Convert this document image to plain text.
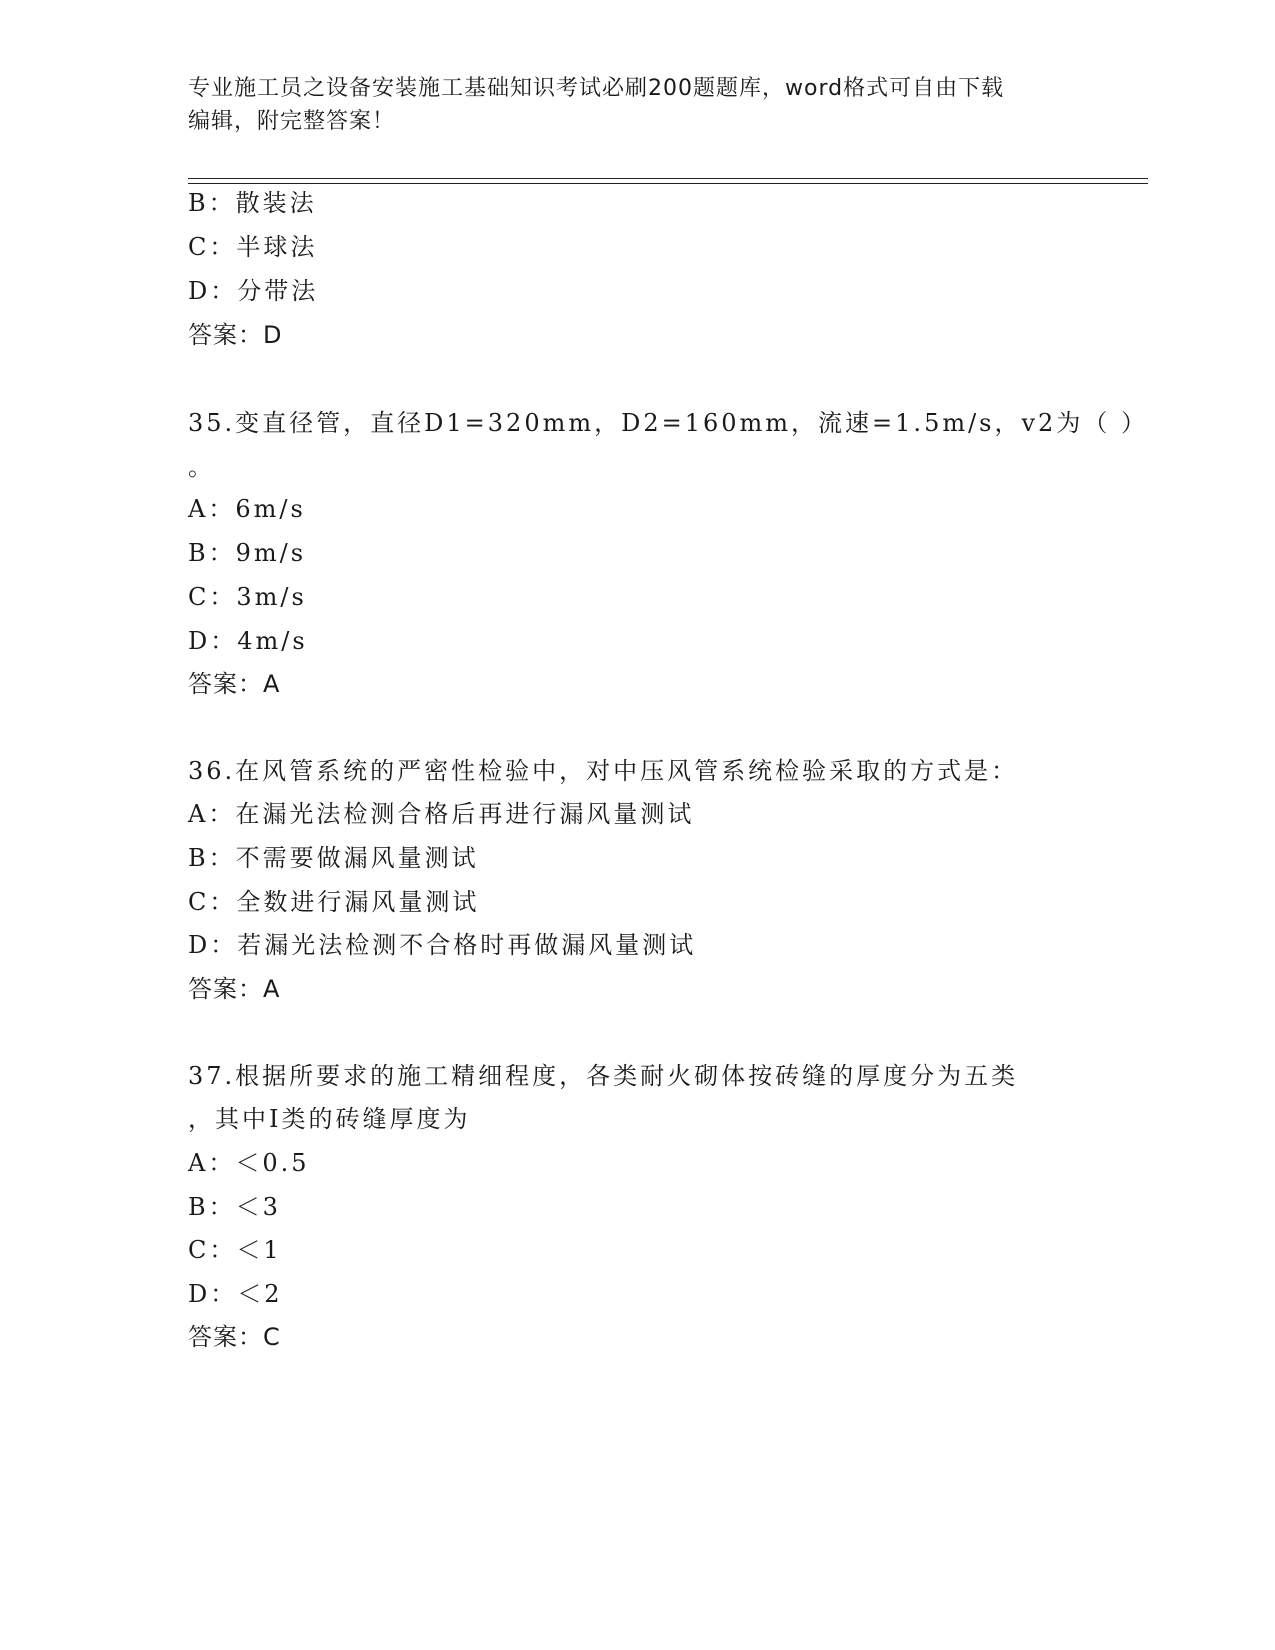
专业施工员之设备安装施工基础知识考试必刷200题题库，word格式可自由下载
编辑，附完整答案！
B：散装法
C：半球法
D：分带法
答案：D
35.变直径管，直径D1=320mm，D2=160mm，流速=1.5m/s，v2为（ ）
。
A：6m/s
B：9m/s
C：3m/s
D：4m/s
答案：A
36.在风管系统的严密性检验中，对中压风管系统检验采取的方式是：
A：在漏光法检测合格后再进行漏风量测试
B：不需要做漏风量测试
C：全数进行漏风量测试
D：若漏光法检测不合格时再做漏风量测试
答案：A
37.根据所要求的施工精细程度，各类耐火砌体按砖缝的厚度分为五类
，其中I类的砖缝厚度为
A：＜0.5
B：＜3
C：＜1
D：＜2
答案：C
